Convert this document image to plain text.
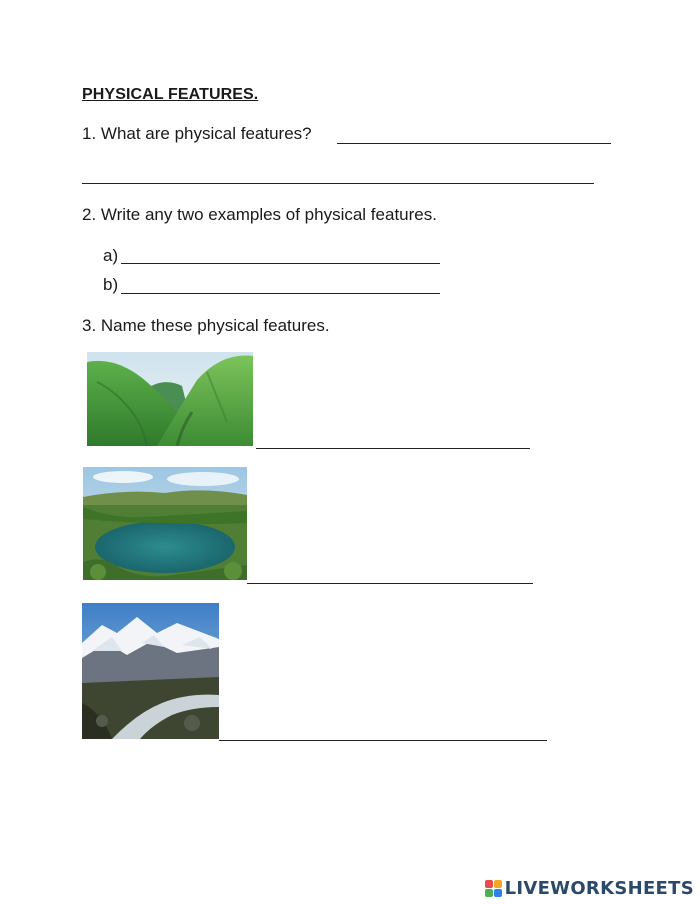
PHYSICAL FEATURES.
1. What are physical features?
2. Write any two examples of physical features.
a)
b)
3. Name these physical features.
LIVEWORKSHEETS
